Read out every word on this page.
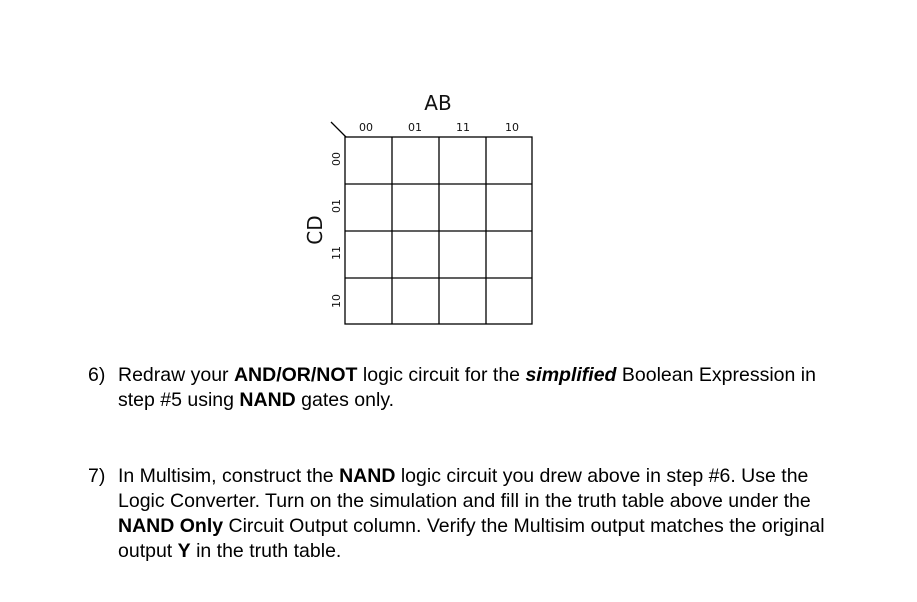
AB
CD
00	01	11	10
00
01
11
10
6) Redraw your AND/OR/NOT logic circuit for the simplified Boolean Expression in step #5 using NAND gates only.
7) In Multisim, construct the NAND logic circuit you drew above in step #6. Use the Logic Converter. Turn on the simulation and fill in the truth table above under the NAND Only Circuit Output column. Verify the Multisim output matches the original output Y in the truth table.
